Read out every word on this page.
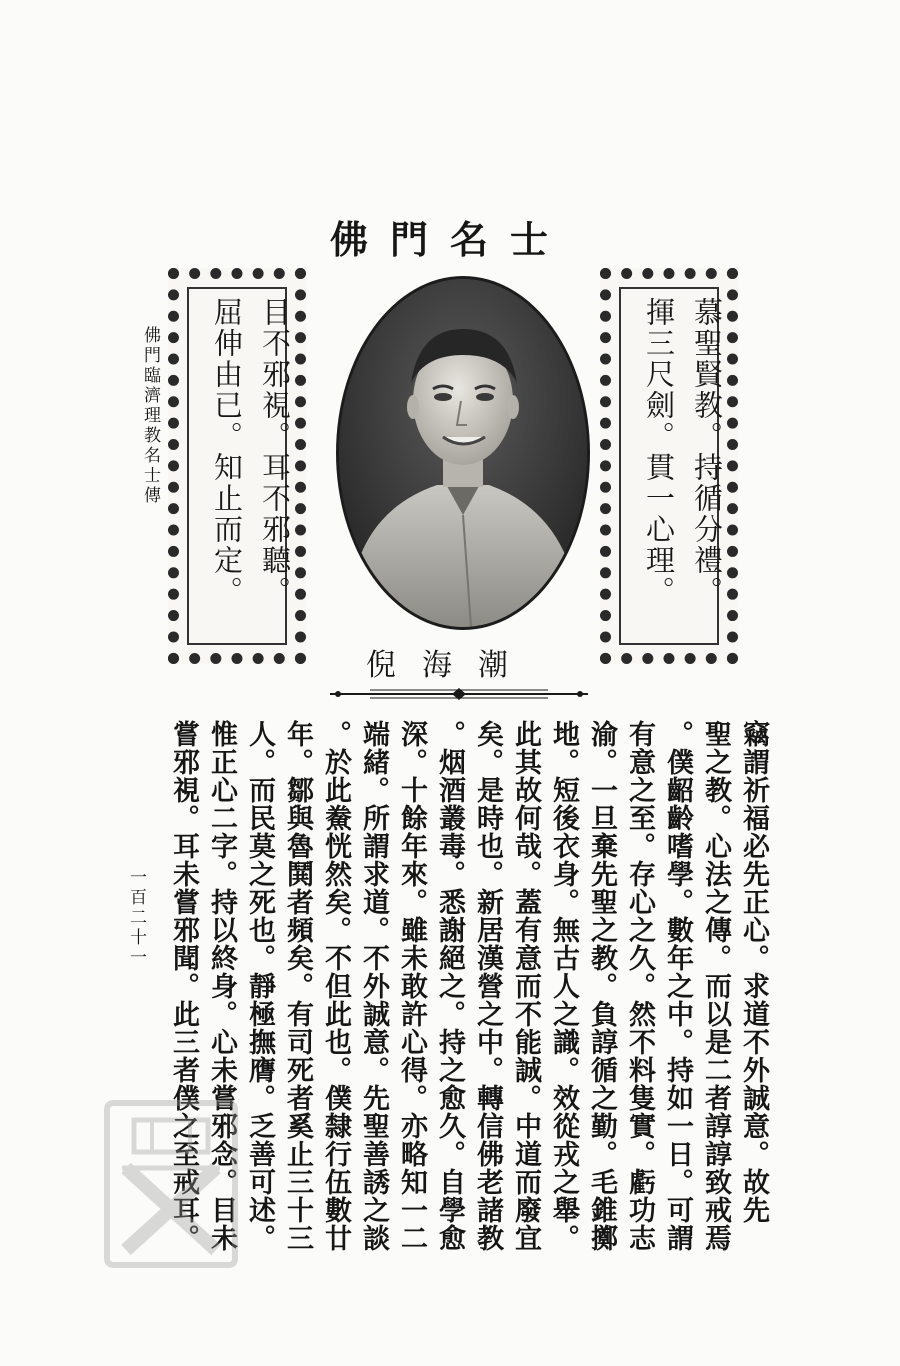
佛門名士
慕聖賢教。持循分禮。
揮三尺劍。貫一心理。
目不邪視。耳不邪聽。
屈伸由已。知止而定。
倪海潮
竊謂祈福必先正心。求道不外誠意。故先
聖之教。心法之傳。而以是二者諄諄致戒焉
。僕齠齡嗜學。數年之中。持如一日。可謂
有意之至。存心之久。然不料隻實。虧功志
渝。一旦棄先聖之教。負諄循之勤。毛錐擲
地。短後衣身。無古人之識。效從戎之舉。
此其故何哉。蓋有意而不能誠。中道而廢宜
矣。是時也。新居漢營之中。轉信佛老諸教
。烟酒叢毒。悉謝絕之。持之愈久。自學愈
深。十餘年來。雖未敢許心得。亦略知一二
端緒。所謂求道。不外誠意。先聖善誘之談
。於此鮝恍然矣。不但此也。僕隸行伍數廿
年。鄒與魯鬨者頻矣。有司死者奚止三十三
人。而民莫之死也。靜極撫膺。乏善可述。
惟正心二字。持以終身。心未嘗邪念。目未
嘗邪視。耳未嘗邪聞。此三者僕之至戒耳。
佛門臨濟理教名士傳
一百二十一
